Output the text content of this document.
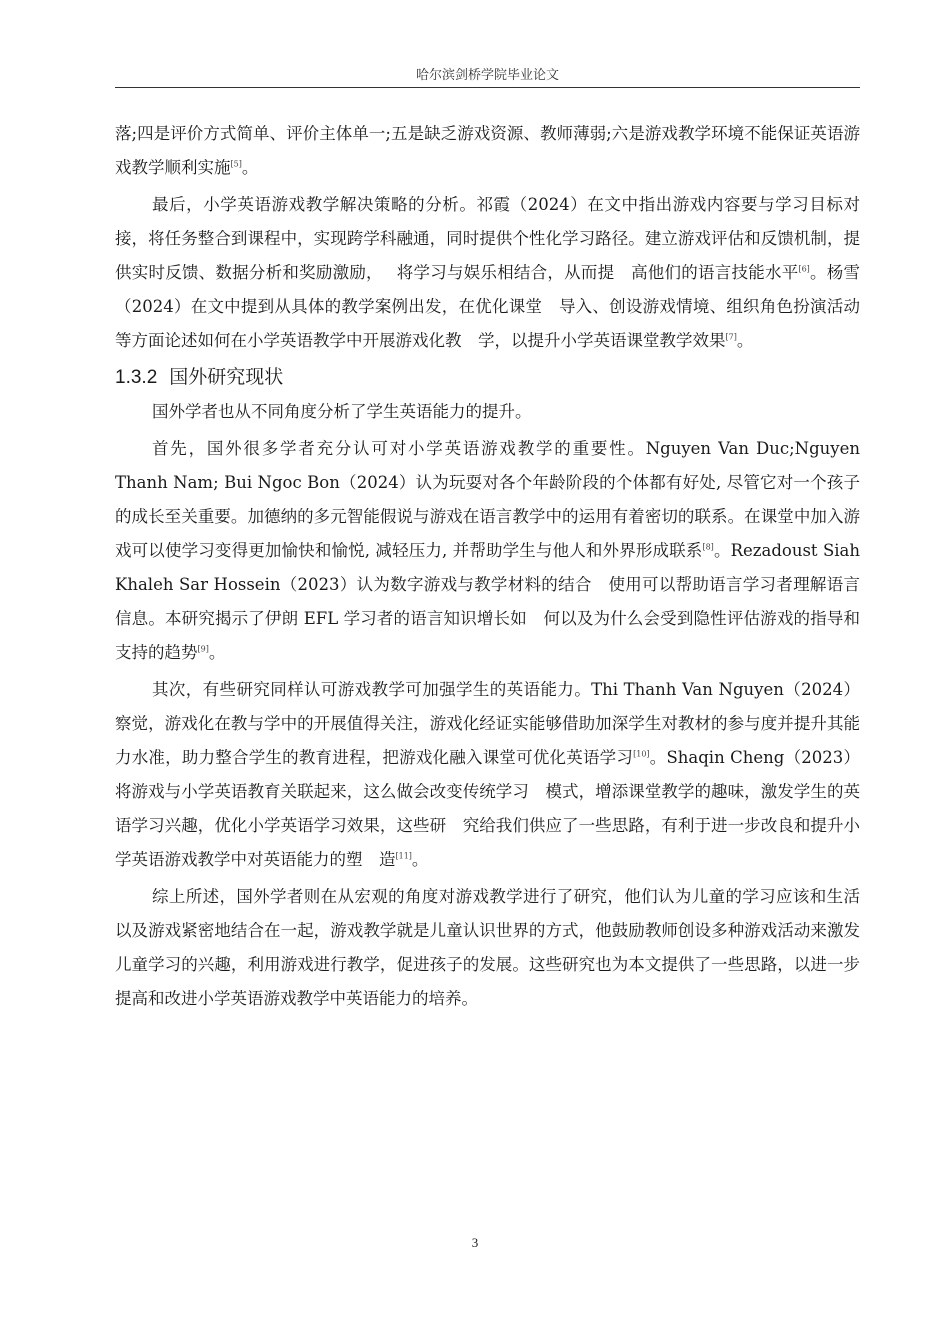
哈尔滨剑桥学院毕业论文

落;四是评价方式简单、评价主体单一;五是缺乏游戏资源、教师薄弱;六是游戏教学环境不能保证英语游戏教学顺利实施[5]。

最后，小学英语游戏教学解决策略的分析。祁霞（2024）在文中指出游戏内容要与学习目标对接，将任务整合到课程中，实现跨学科融通，同时提供个性化学习路径。建立游戏评估和反馈机制，提供实时反馈、数据分析和奖励激励，　 将学习与娱乐相结合，从而提　高他们的语言技能水平[6]。杨雪（2024）在文中提到从具体的教学案例出发，在优化课堂　导入、创设游戏情境、组织角色扮演活动等方面论述如何在小学英语教学中开展游戏化教　学，以提升小学英语课堂教学效果[7]。

1.3.2 国外研究现状

国外学者也从不同角度分析了学生英语能力的提升。

首先，国外很多学者充分认可对小学英语游戏教学的重要性。Nguyen Van Duc;Nguyen Thanh Nam; Bui Ngoc Bon（2024）认为玩耍对各个年龄阶段的个体都有好处, 尽管它对一个孩子的成长至关重要。加德纳的多元智能假说与游戏在语言教学中的运用有着密切的联系。在课堂中加入游戏可以使学习变得更加愉快和愉悦, 减轻压力, 并帮助学生与他人和外界形成联系[8]。Rezadoust Siah Khaleh Sar Hossein（2023）认为数字游戏与教学材料的结合　使用可以帮助语言学习者理解语言信息。本研究揭示了伊朗 EFL 学习者的语言知识增长如　何以及为什么会受到隐性评估游戏的指导和支持的趋势[9]。

其次，有些研究同样认可游戏教学可加强学生的英语能力。Thi Thanh Van Nguyen（2024）察觉，游戏化在教与学中的开展值得关注，游戏化经证实能够借助加深学生对教材的参与度并提升其能力水准，助力整合学生的教育进程，把游戏化融入课堂可优化英语学习[10]。Shaqin Cheng（2023）将游戏与小学英语教育关联起来，这么做会改变传统学习　模式，增添课堂教学的趣味，激发学生的英语学习兴趣，优化小学英语学习效果，这些研　究给我们供应了一些思路，有利于进一步改良和提升小学英语游戏教学中对英语能力的塑　造[11]。

综上所述，国外学者则在从宏观的角度对游戏教学进行了研究，他们认为儿童的学习应该和生活以及游戏紧密地结合在一起，游戏教学就是儿童认识世界的方式，他鼓励教师创设多种游戏活动来激发儿童学习的兴趣，利用游戏进行教学，促进孩子的发展。这些研究也为本文提供了一些思路，以进一步提高和改进小学英语游戏教学中英语能力的培养。

3
